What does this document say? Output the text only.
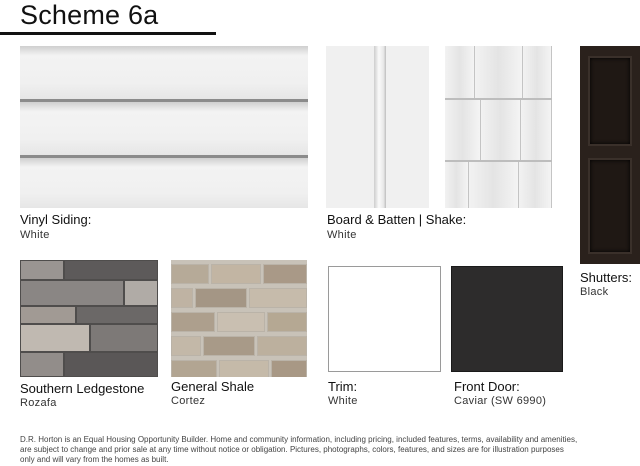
Scheme 6a
Vinyl Siding:
White
Board & Batten | Shake:
White
Shutters:
Black
Southern Ledgestone
Rozafa
General Shale
Cortez
Trim:
White
Front Door:
Caviar (SW 6990)
D.R. Horton is an Equal Housing Opportunity Builder. Home and community information, including pricing, included features, terms, availability and amenities, are subject to change and prior sale at any time without notice or obligation. Pictures, photographs, colors, features, and sizes are for illustration purposes only and will vary from the homes as built.
